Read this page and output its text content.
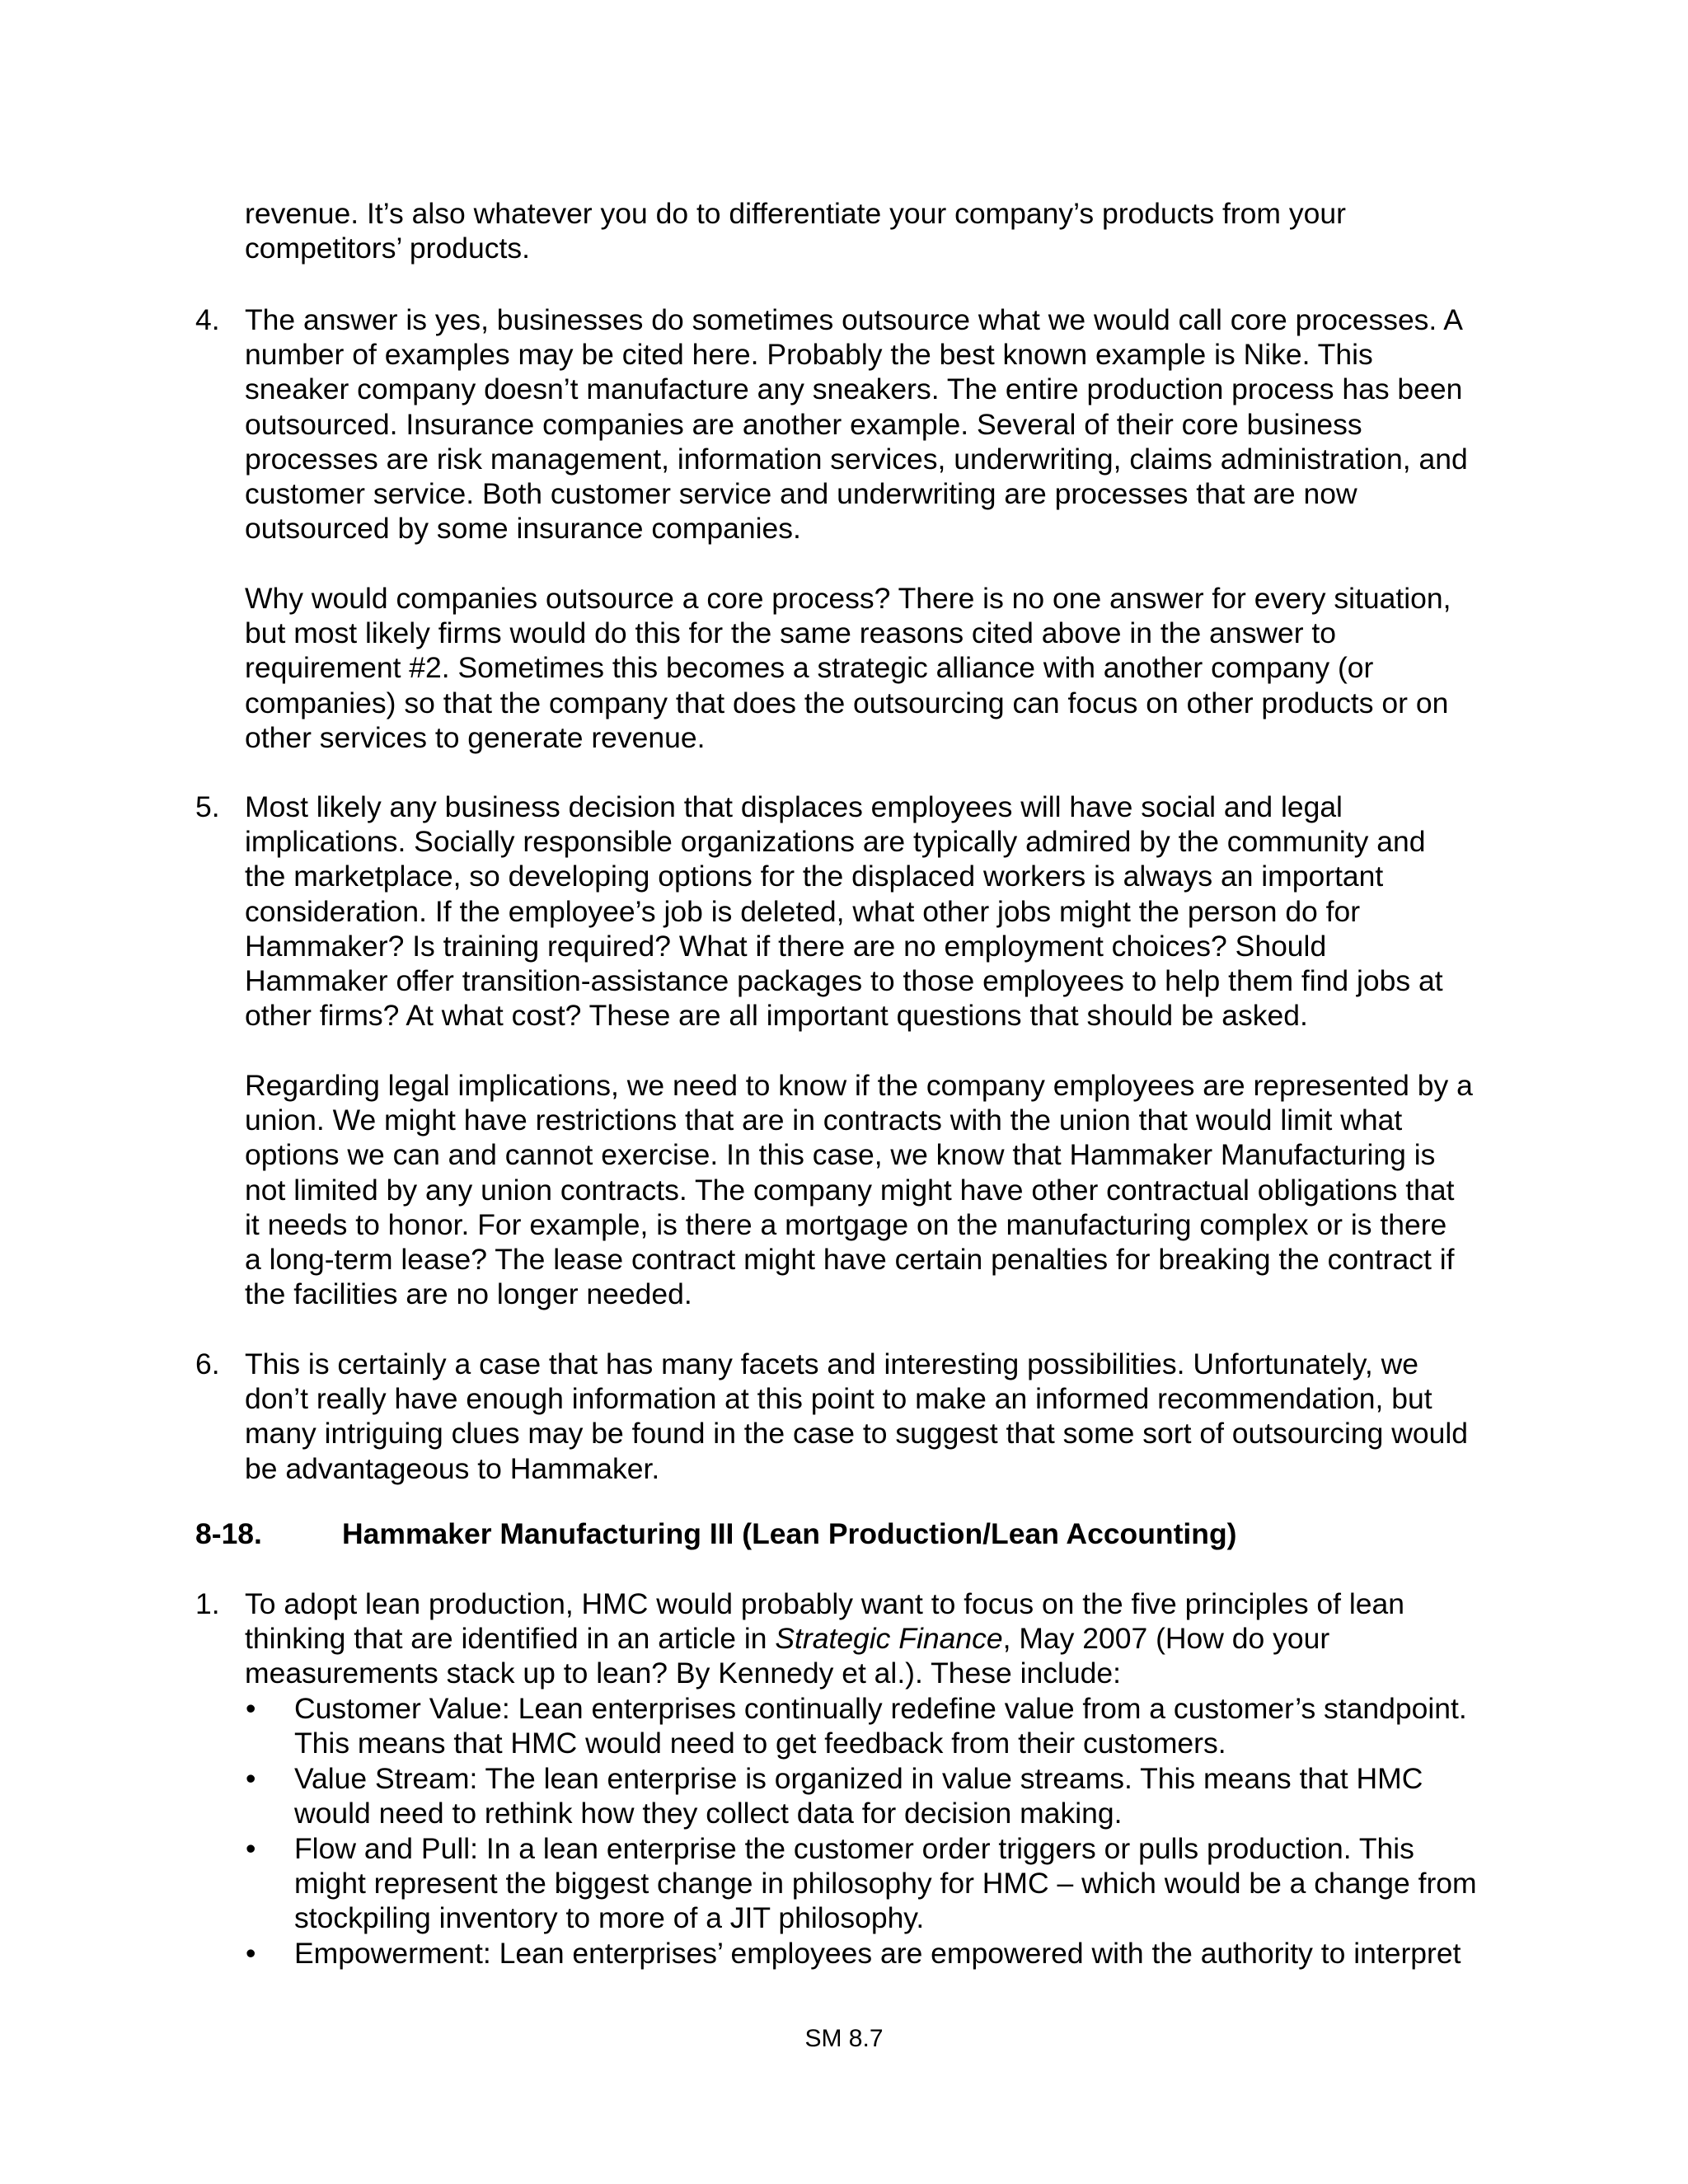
revenue. It’s also whatever you do to differentiate your company’s products from your
competitors’ products.
4. The answer is yes, businesses do sometimes outsource what we would call core processes. A
number of examples may be cited here. Probably the best known example is Nike. This
sneaker company doesn’t manufacture any sneakers. The entire production process has been
outsourced. Insurance companies are another example. Several of their core business
processes are risk management, information services, underwriting, claims administration, and
customer service. Both customer service and underwriting are processes that are now
outsourced by some insurance companies.
Why would companies outsource a core process? There is no one answer for every situation,
but most likely firms would do this for the same reasons cited above in the answer to
requirement #2. Sometimes this becomes a strategic alliance with another company (or
companies) so that the company that does the outsourcing can focus on other products or on
other services to generate revenue.
5. Most likely any business decision that displaces employees will have social and legal
implications. Socially responsible organizations are typically admired by the community and
the marketplace, so developing options for the displaced workers is always an important
consideration. If the employee’s job is deleted, what other jobs might the person do for
Hammaker? Is training required? What if there are no employment choices? Should
Hammaker offer transition-assistance packages to those employees to help them find jobs at
other firms? At what cost? These are all important questions that should be asked.
Regarding legal implications, we need to know if the company employees are represented by a
union. We might have restrictions that are in contracts with the union that would limit what
options we can and cannot exercise. In this case, we know that Hammaker Manufacturing is
not limited by any union contracts. The company might have other contractual obligations that
it needs to honor. For example, is there a mortgage on the manufacturing complex or is there
a long-term lease? The lease contract might have certain penalties for breaking the contract if
the facilities are no longer needed.
6. This is certainly a case that has many facets and interesting possibilities. Unfortunately, we
don’t really have enough information at this point to make an informed recommendation, but
many intriguing clues may be found in the case to suggest that some sort of outsourcing would
be advantageous to Hammaker.
8-18.	Hammaker Manufacturing III (Lean Production/Lean Accounting)
1. To adopt lean production, HMC would probably want to focus on the five principles of lean
thinking that are identified in an article in Strategic Finance, May 2007 (How do your
measurements stack up to lean? By Kennedy et al.). These include:
• Customer Value: Lean enterprises continually redefine value from a customer’s standpoint.
This means that HMC would need to get feedback from their customers.
• Value Stream: The lean enterprise is organized in value streams. This means that HMC
would need to rethink how they collect data for decision making.
• Flow and Pull: In a lean enterprise the customer order triggers or pulls production. This
might represent the biggest change in philosophy for HMC – which would be a change from
stockpiling inventory to more of a JIT philosophy.
• Empowerment: Lean enterprises’ employees are empowered with the authority to interpret
SM 8.7
